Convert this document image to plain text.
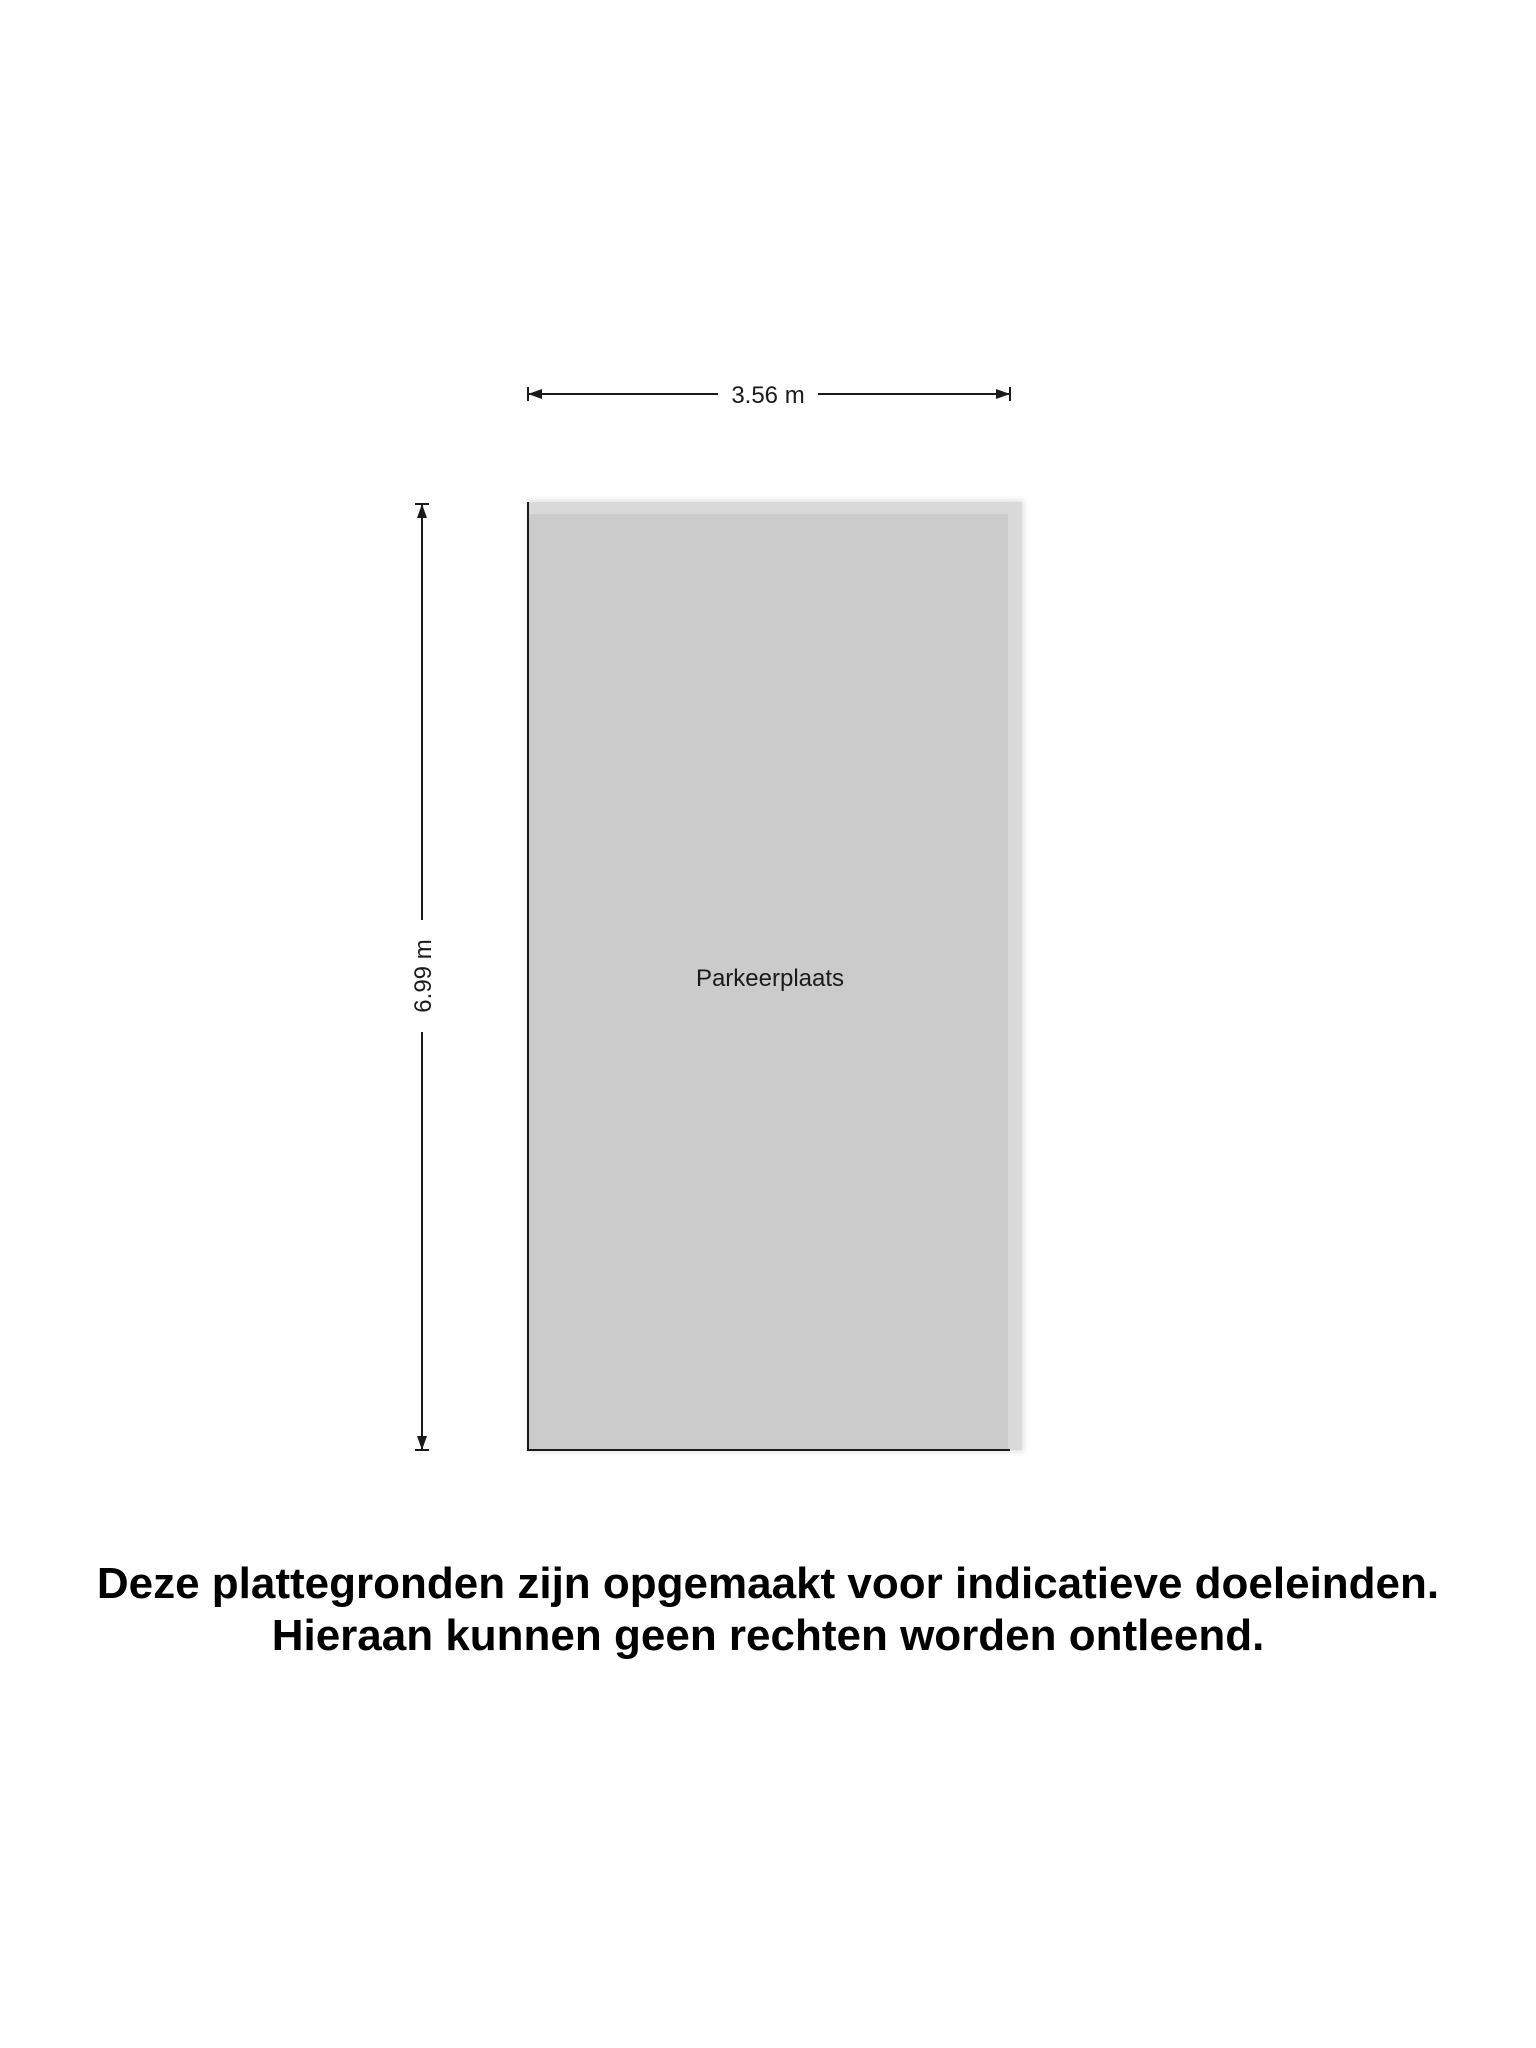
3.56 m
6.99 m	Parkeerplaats

Deze plattegronden zijn opgemaakt voor indicatieve doeleinden.

Hieraan kunnen geen rechten worden ontleend.
